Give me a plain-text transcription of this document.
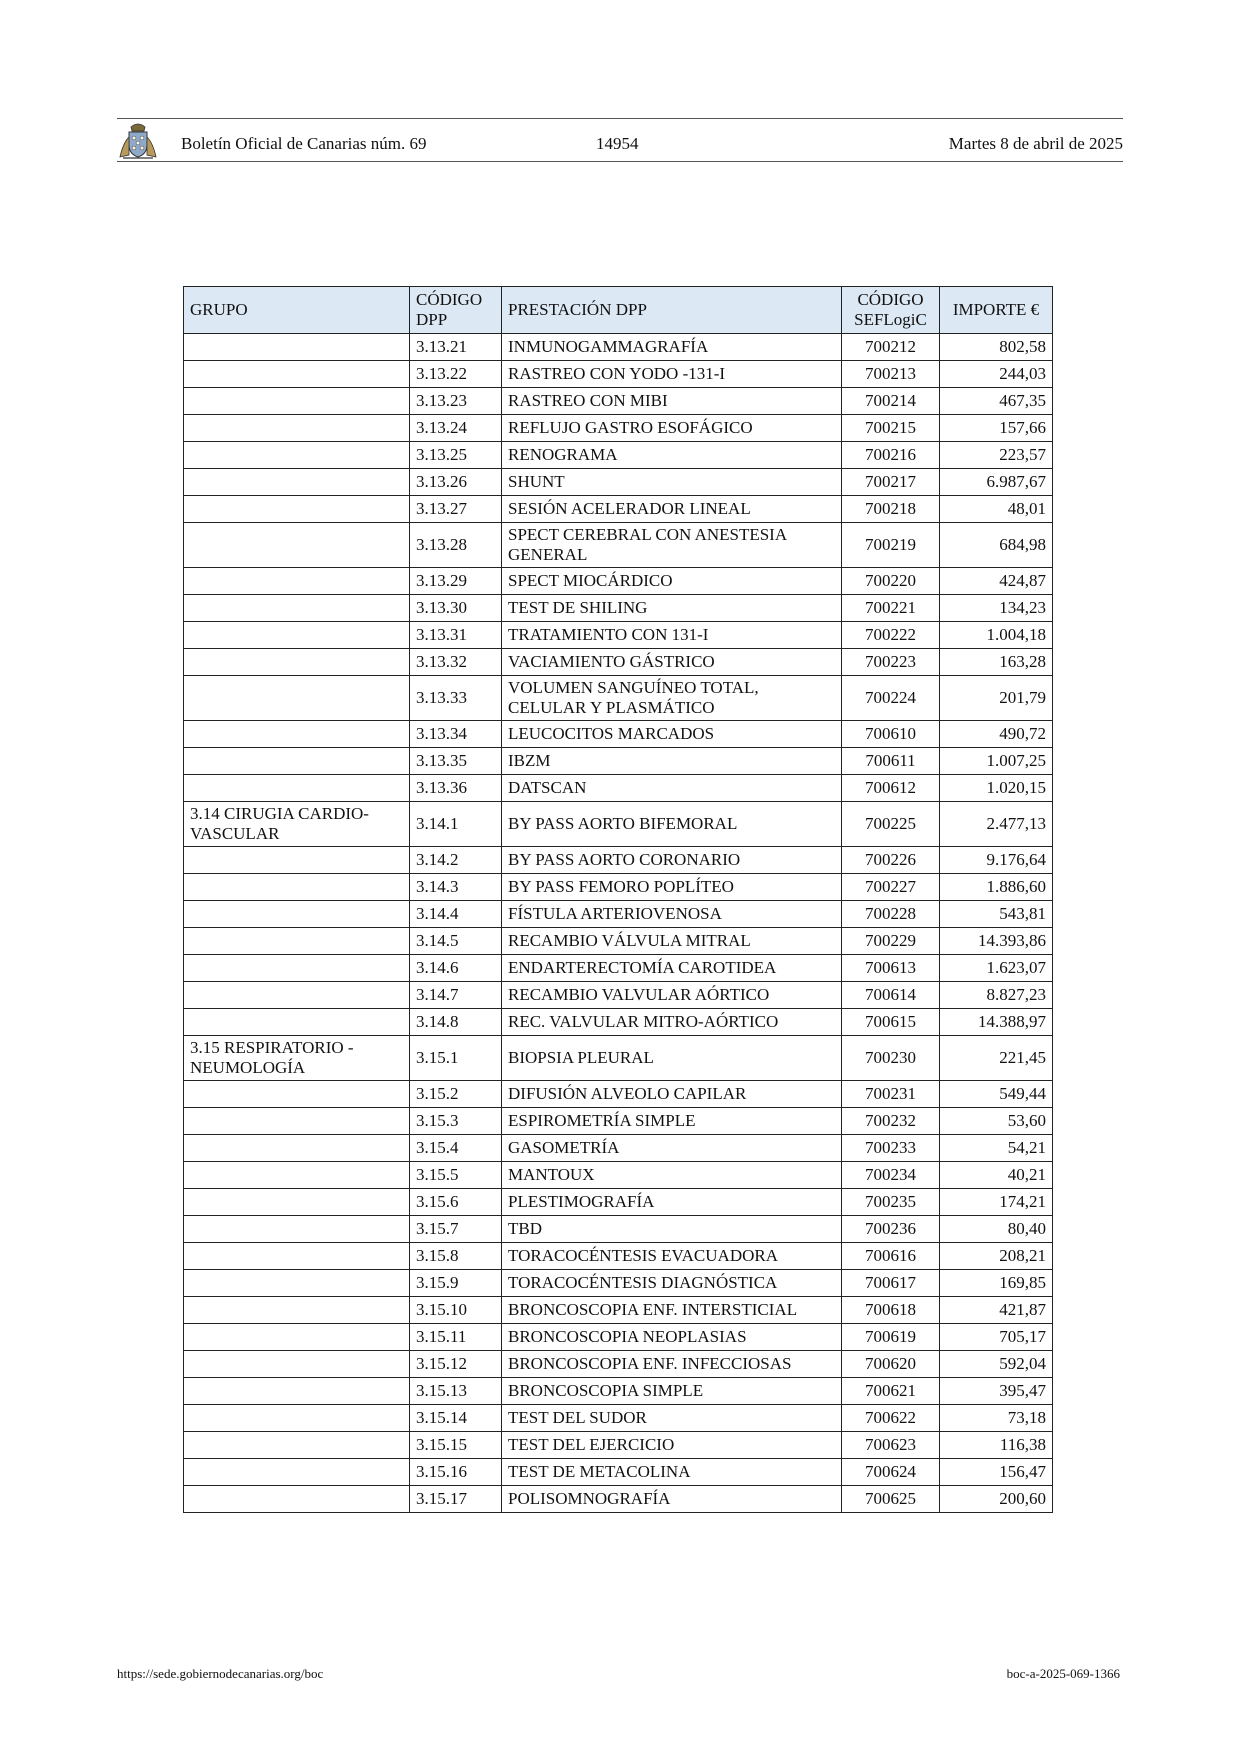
Boletín Oficial de Canarias núm. 69	14954	Martes 8 de abril de 2025
GRUPO	CÓDIGO DPP	PRESTACIÓN DPP	CÓDIGO SEFLogiC	IMPORTE €
	3.13.21	INMUNOGAMMAGRAFÍA	700212	802,58
	3.13.22	RASTREO CON YODO -131-I	700213	244,03
	3.13.23	RASTREO CON MIBI	700214	467,35
	3.13.24	REFLUJO GASTRO ESOFÁGICO	700215	157,66
	3.13.25	RENOGRAMA	700216	223,57
	3.13.26	SHUNT	700217	6.987,67
	3.13.27	SESIÓN ACELERADOR LINEAL	700218	48,01
	3.13.28	SPECT CEREBRAL CON ANESTESIA GENERAL	700219	684,98
	3.13.29	SPECT MIOCÁRDICO	700220	424,87
	3.13.30	TEST DE SHILING	700221	134,23
	3.13.31	TRATAMIENTO CON 131-I	700222	1.004,18
	3.13.32	VACIAMIENTO GÁSTRICO	700223	163,28
	3.13.33	VOLUMEN SANGUÍNEO TOTAL, CELULAR Y PLASMÁTICO	700224	201,79
	3.13.34	LEUCOCITOS MARCADOS	700610	490,72
	3.13.35	IBZM	700611	1.007,25
	3.13.36	DATSCAN	700612	1.020,15
3.14 CIRUGIA CARDIO-VASCULAR	3.14.1	BY PASS AORTO BIFEMORAL	700225	2.477,13
	3.14.2	BY PASS AORTO CORONARIO	700226	9.176,64
	3.14.3	BY PASS FEMORO POPLÍTEO	700227	1.886,60
	3.14.4	FÍSTULA ARTERIOVENOSA	700228	543,81
	3.14.5	RECAMBIO VÁLVULA MITRAL	700229	14.393,86
	3.14.6	ENDARTERECTOMÍA CAROTIDEA	700613	1.623,07
	3.14.7	RECAMBIO VALVULAR AÓRTICO	700614	8.827,23
	3.14.8	REC. VALVULAR MITRO-AÓRTICO	700615	14.388,97
3.15 RESPIRATORIO - NEUMOLOGÍA	3.15.1	BIOPSIA PLEURAL	700230	221,45
	3.15.2	DIFUSIÓN ALVEOLO CAPILAR	700231	549,44
	3.15.3	ESPIROMETRÍA SIMPLE	700232	53,60
	3.15.4	GASOMETRÍA	700233	54,21
	3.15.5	MANTOUX	700234	40,21
	3.15.6	PLESTIMOGRAFÍA	700235	174,21
	3.15.7	TBD	700236	80,40
	3.15.8	TORACOCÉNTESIS EVACUADORA	700616	208,21
	3.15.9	TORACOCÉNTESIS DIAGNÓSTICA	700617	169,85
	3.15.10	BRONCOSCOPIA ENF. INTERSTICIAL	700618	421,87
	3.15.11	BRONCOSCOPIA NEOPLASIAS	700619	705,17
	3.15.12	BRONCOSCOPIA ENF. INFECCIOSAS	700620	592,04
	3.15.13	BRONCOSCOPIA SIMPLE	700621	395,47
	3.15.14	TEST DEL SUDOR	700622	73,18
	3.15.15	TEST DEL EJERCICIO	700623	116,38
	3.15.16	TEST DE METACOLINA	700624	156,47
	3.15.17	POLISOMNOGRAFÍA	700625	200,60
https://sede.gobiernodecanarias.org/boc	boc-a-2025-069-1366
